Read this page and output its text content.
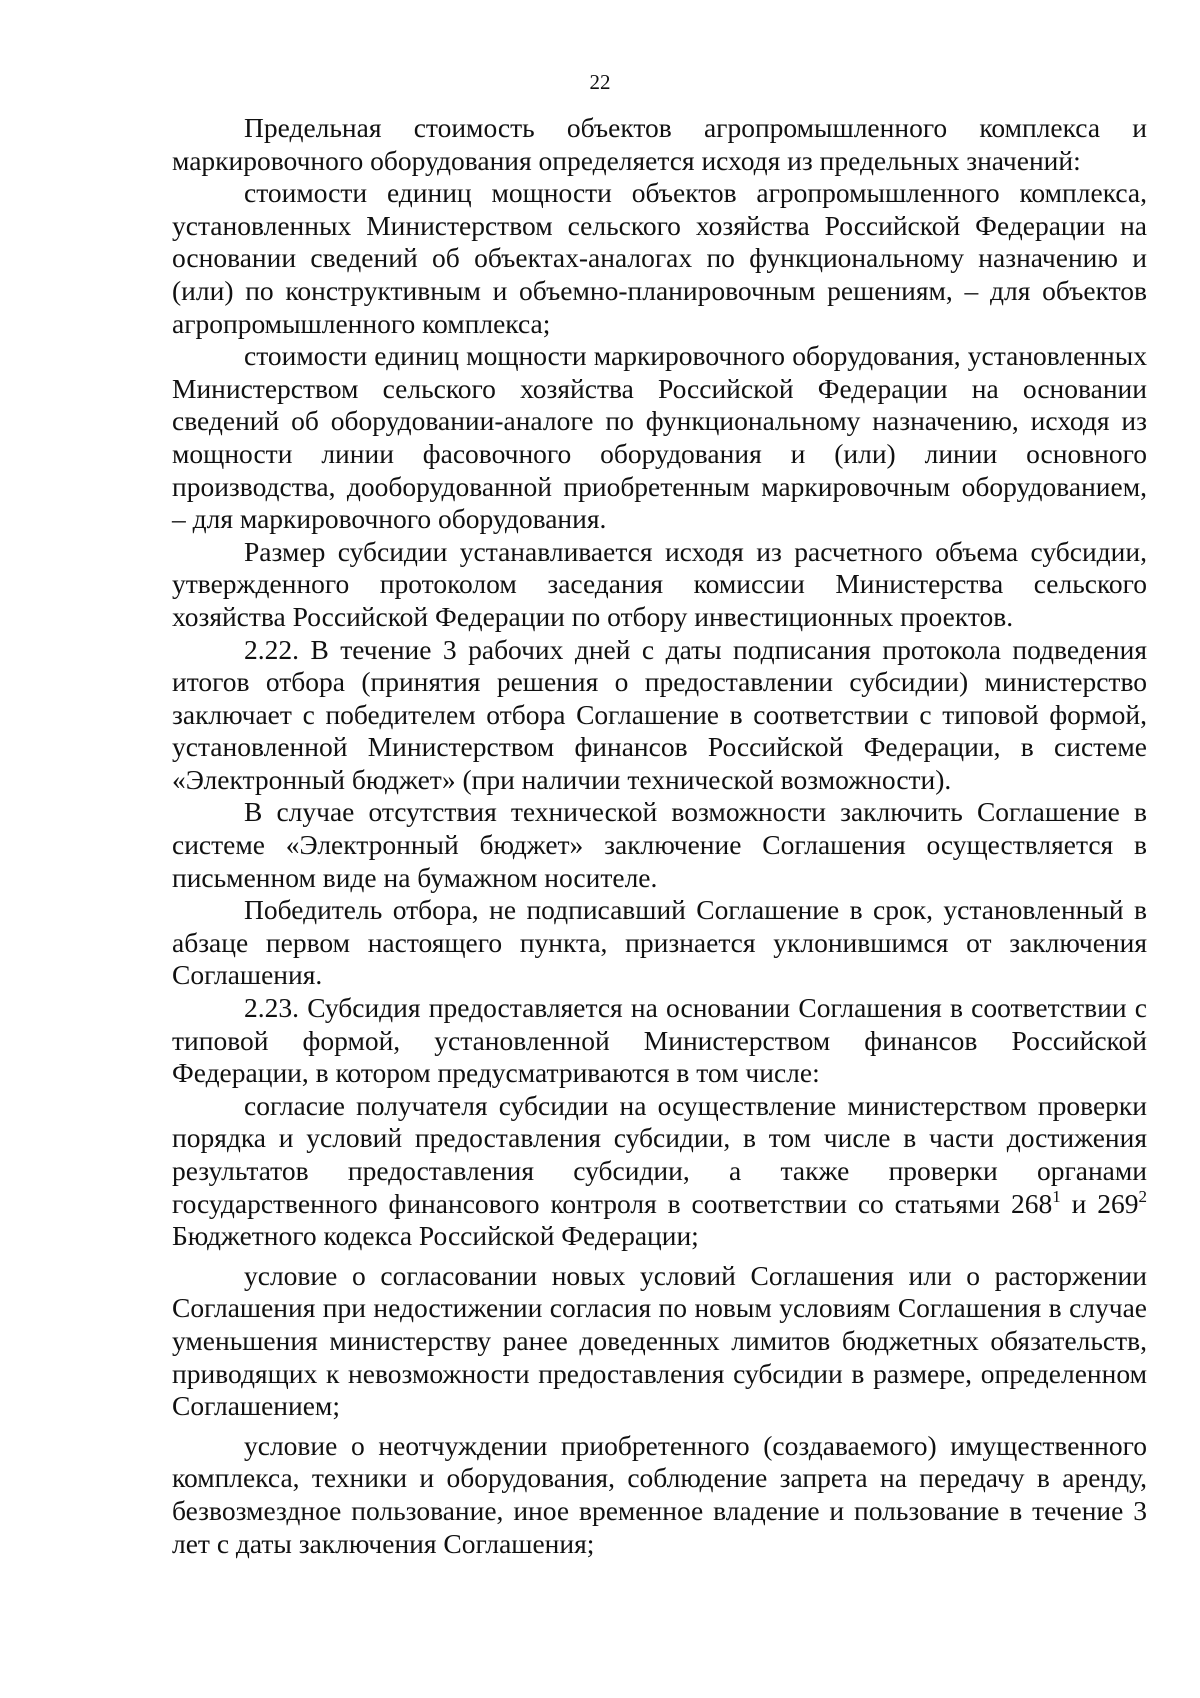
22

Предельная стоимость объектов агропромышленного комплекса и маркировочного оборудования определяется исходя из предельных значений:

стоимости единиц мощности объектов агропромышленного комплекса, установленных Министерством сельского хозяйства Российской Федерации на основании сведений об объектах-аналогах по функциональному назначению и (или) по конструктивным и объемно-планировочным решениям, – для объектов агропромышленного комплекса;

стоимости единиц мощности маркировочного оборудования, установленных Министерством сельского хозяйства Российской Федерации на основании сведений об оборудовании-аналоге по функциональному назначению, исходя из мощности линии фасовочного оборудования и (или) линии основного производства, дооборудованной приобретенным маркировочным оборудованием, – для маркировочного оборудования.

Размер субсидии устанавливается исходя из расчетного объема субсидии, утвержденного протоколом заседания комиссии Министерства сельского хозяйства Российской Федерации по отбору инвестиционных проектов.

2.22. В течение 3 рабочих дней с даты подписания протокола подведения итогов отбора (принятия решения о предоставлении субсидии) министерство заключает с победителем отбора Соглашение в соответствии с типовой формой, установленной Министерством финансов Российской Федерации, в системе «Электронный бюджет» (при наличии технической возможности).

В случае отсутствия технической возможности заключить Соглашение в системе «Электронный бюджет» заключение Соглашения осуществляется в письменном виде на бумажном носителе.

Победитель отбора, не подписавший Соглашение в срок, установленный в абзаце первом настоящего пункта, признается уклонившимся от заключения Соглашения.

2.23. Субсидия предоставляется на основании Соглашения в соответствии с типовой формой, установленной Министерством финансов Российской Федерации, в котором предусматриваются в том числе:

согласие получателя субсидии на осуществление министерством проверки порядка и условий предоставления субсидии, в том числе в части достижения результатов предоставления субсидии, а также проверки органами государственного финансового контроля в соответствии со статьями $268^1$ и $269^2$ Бюджетного кодекса Российской Федерации;

условие о согласовании новых условий Соглашения или о расторжении Соглашения при недостижении согласия по новым условиям Соглашения в случае уменьшения министерству ранее доведенных лимитов бюджетных обязательств, приводящих к невозможности предоставления субсидии в размере, определенном Соглашением;

условие о неотчуждении приобретенного (создаваемого) имущественного комплекса, техники и оборудования, соблюдение запрета на передачу в аренду, безвозмездное пользование, иное временное владение и пользование в течение 3 лет с даты заключения Соглашения;
